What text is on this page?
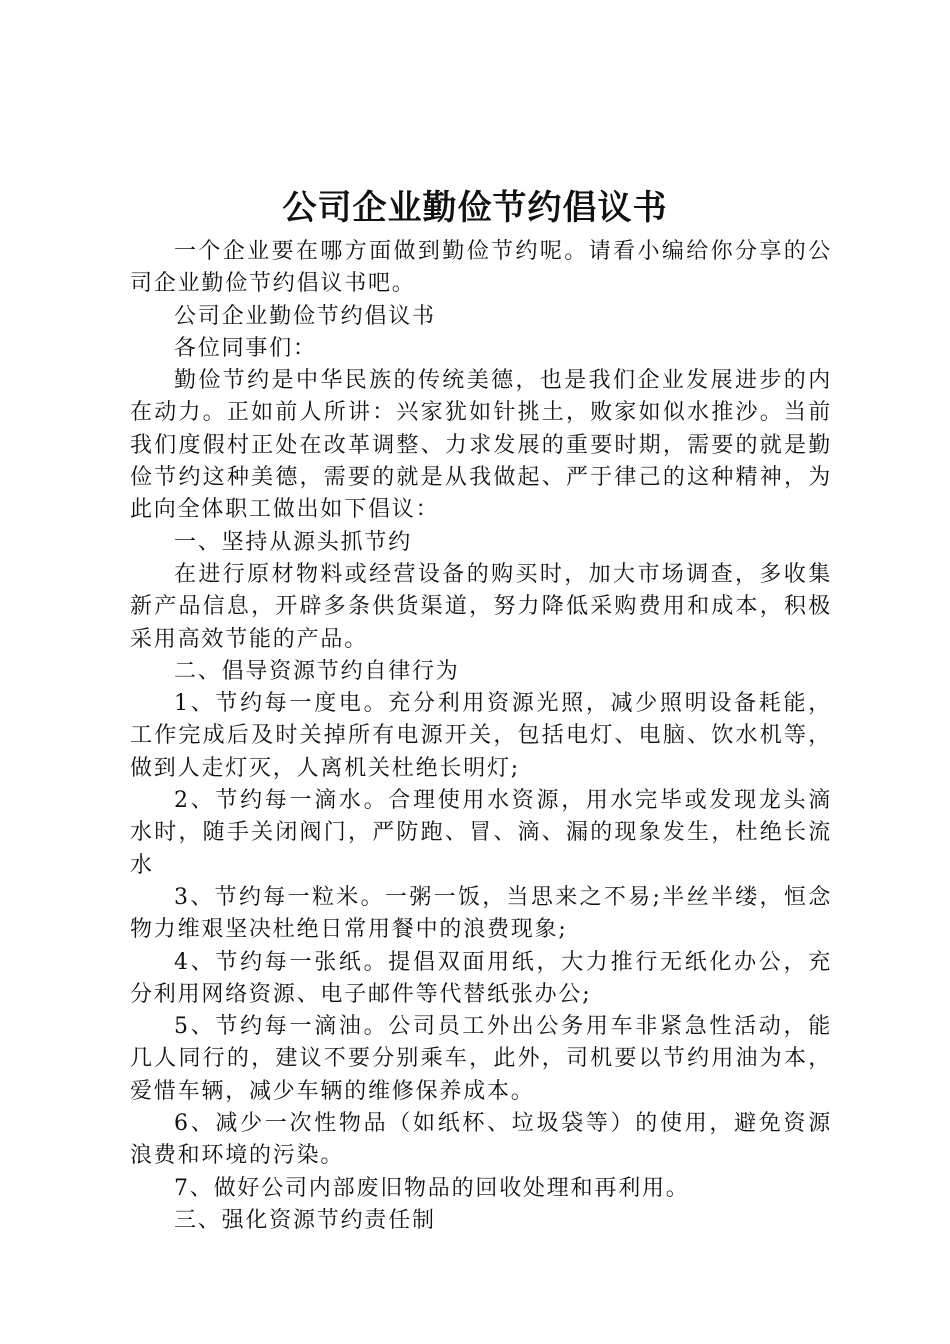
公司企业勤俭节约倡议书

一个企业要在哪方面做到勤俭节约呢。请看小编给你分享的公司企业勤俭节约倡议书吧。

公司企业勤俭节约倡议书

各位同事们：

勤俭节约是中华民族的传统美德，也是我们企业发展进步的内在动力。正如前人所讲：兴家犹如针挑土，败家如似水推沙。当前我们度假村正处在改革调整、力求发展的重要时期，需要的就是勤俭节约这种美德，需要的就是从我做起、严于律己的这种精神，为此向全体职工做出如下倡议：

一、坚持从源头抓节约

在进行原材物料或经营设备的购买时，加大市场调查，多收集新产品信息，开辟多条供货渠道，努力降低采购费用和成本，积极采用高效节能的产品。

二、倡导资源节约自律行为

1、节约每一度电。充分利用资源光照，减少照明设备耗能，工作完成后及时关掉所有电源开关，包括电灯、电脑、饮水机等，做到人走灯灭，人离机关杜绝长明灯;

2、节约每一滴水。合理使用水资源，用水完毕或发现龙头滴水时，随手关闭阀门，严防跑、冒、滴、漏的现象发生，杜绝长流水

3、节约每一粒米。一粥一饭，当思来之不易;半丝半缕，恒念物力维艰坚决杜绝日常用餐中的浪费现象;

4、节约每一张纸。提倡双面用纸，大力推行无纸化办公，充分利用网络资源、电子邮件等代替纸张办公;

5、节约每一滴油。公司员工外出公务用车非紧急性活动，能几人同行的，建议不要分别乘车，此外，司机要以节约用油为本，爱惜车辆，减少车辆的维修保养成本。

6、减少一次性物品（如纸杯、垃圾袋等）的使用，避免资源浪费和环境的污染。

7、做好公司内部废旧物品的回收处理和再利用。

三、强化资源节约责任制
